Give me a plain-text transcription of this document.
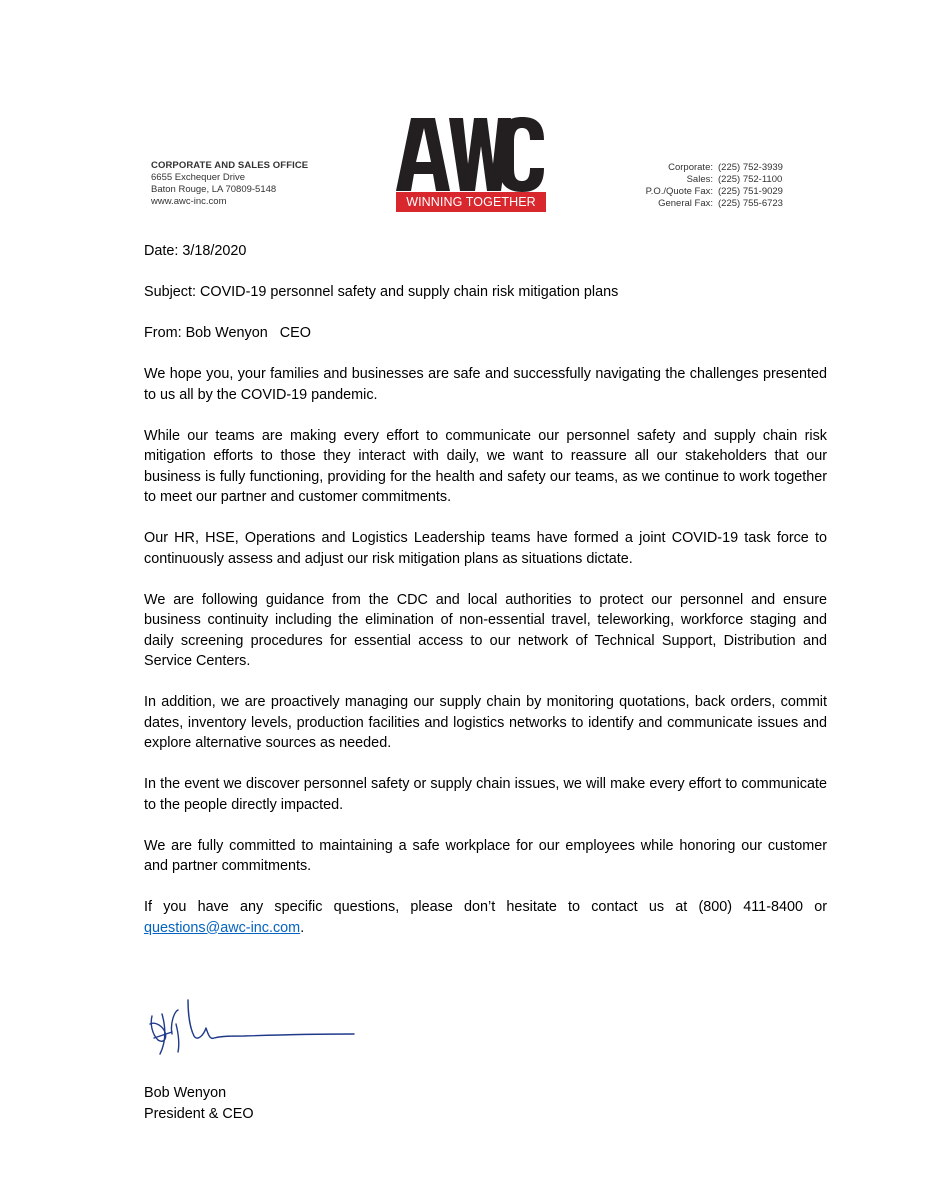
CORPORATE AND SALES OFFICE
6655 Exchequer Drive
Baton Rouge, LA 70809-5148
www.awc-inc.com	WINNING TOGETHER
Corporate: (225) 752-3939
Sales: (225) 752-1100
P.O./Quote Fax: (225) 751-9029
General Fax: (225) 755-6723

Date: 3/18/2020

Subject: COVID-19 personnel safety and supply chain risk mitigation plans

From: Bob Wenyon   CEO

We hope you, your families and businesses are safe and successfully navigating the challenges presented to us all by the COVID-19 pandemic.

While our teams are making every effort to communicate our personnel safety and supply chain risk mitigation efforts to those they interact with daily, we want to reassure all our stakeholders that our business is fully functioning, providing for the health and safety our teams, as we continue to work together to meet our partner and customer commitments.

Our HR, HSE, Operations and Logistics Leadership teams have formed a joint COVID-19 task force to continuously assess and adjust our risk mitigation plans as situations dictate.

We are following guidance from the CDC and local authorities to protect our personnel and ensure business continuity including the elimination of non-essential travel, teleworking, workforce staging and daily screening procedures for essential access to our network of Technical Support, Distribution and Service Centers.

In addition, we are proactively managing our supply chain by monitoring quotations, back orders, commit dates, inventory levels, production facilities and logistics networks to identify and communicate issues and explore alternative sources as needed.

In the event we discover personnel safety or supply chain issues, we will make every effort to communicate to the people directly impacted.

We are fully committed to maintaining a safe workplace for our employees while honoring our customer and partner commitments.

If you have any specific questions, please don’t hesitate to contact us at (800) 411-8400 or questions@awc-inc.com.

Bob Wenyon
President & CEO
